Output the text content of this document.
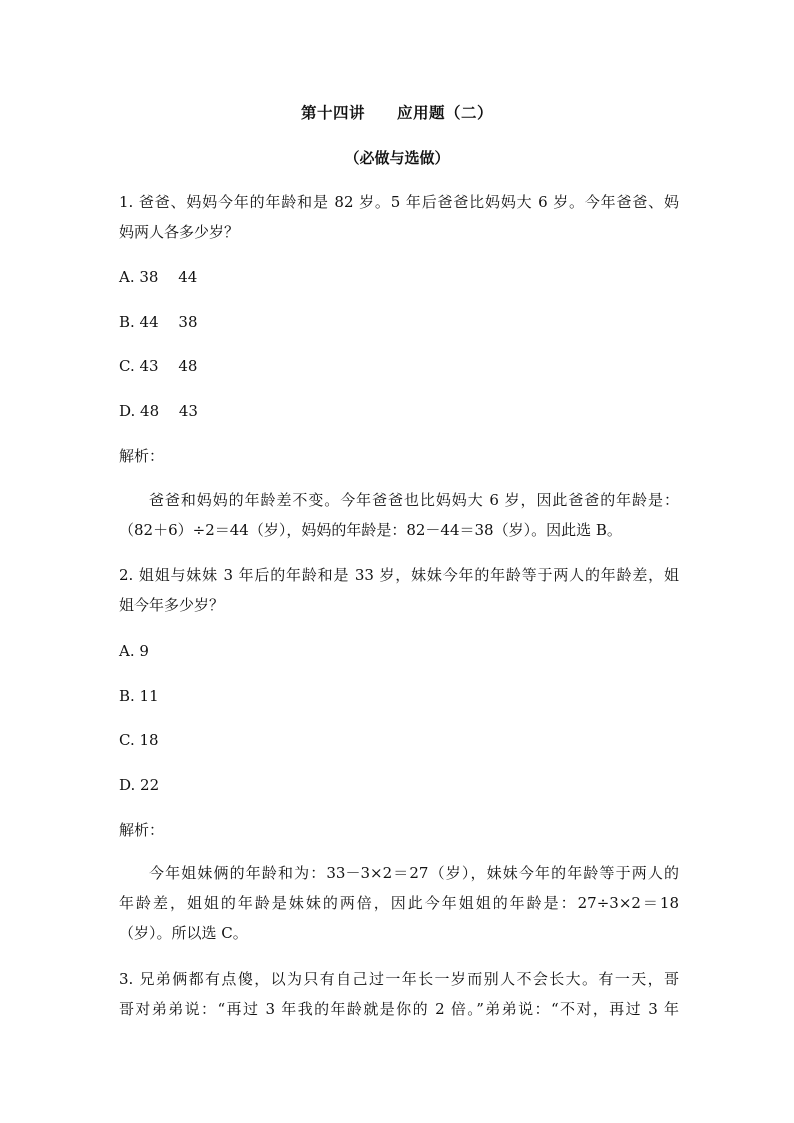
第十四讲　　应用题（二）
（必做与选做）
1. 爸爸、妈妈今年的年龄和是 82 岁。5 年后爸爸比妈妈大 6 岁。今年爸爸、妈
妈两人各多少岁？
A. 38　 44
B. 44　 38
C. 43　 48
D. 48　 43
解析：
爸爸和妈妈的年龄差不变。今年爸爸也比妈妈大 6 岁，因此爸爸的年龄是：
（82＋6）÷2＝44（岁），妈妈的年龄是：82－44＝38（岁）。因此选 B。
2. 姐姐与妹妹 3 年后的年龄和是 33 岁，妹妹今年的年龄等于两人的年龄差，姐
姐今年多少岁？
A. 9
B. 11
C. 18
D. 22
解析：
今年姐妹俩的年龄和为：33－3×2＝27（岁），妹妹今年的年龄等于两人的
年龄差，姐姐的年龄是妹妹的两倍，因此今年姐姐的年龄是：27÷3×2＝18
（岁）。所以选 C。
3. 兄弟俩都有点傻，以为只有自己过一年长一岁而别人不会长大。有一天，哥
哥对弟弟说：“再过 3 年我的年龄就是你的 2 倍。”弟弟说：“不对，再过 3 年
